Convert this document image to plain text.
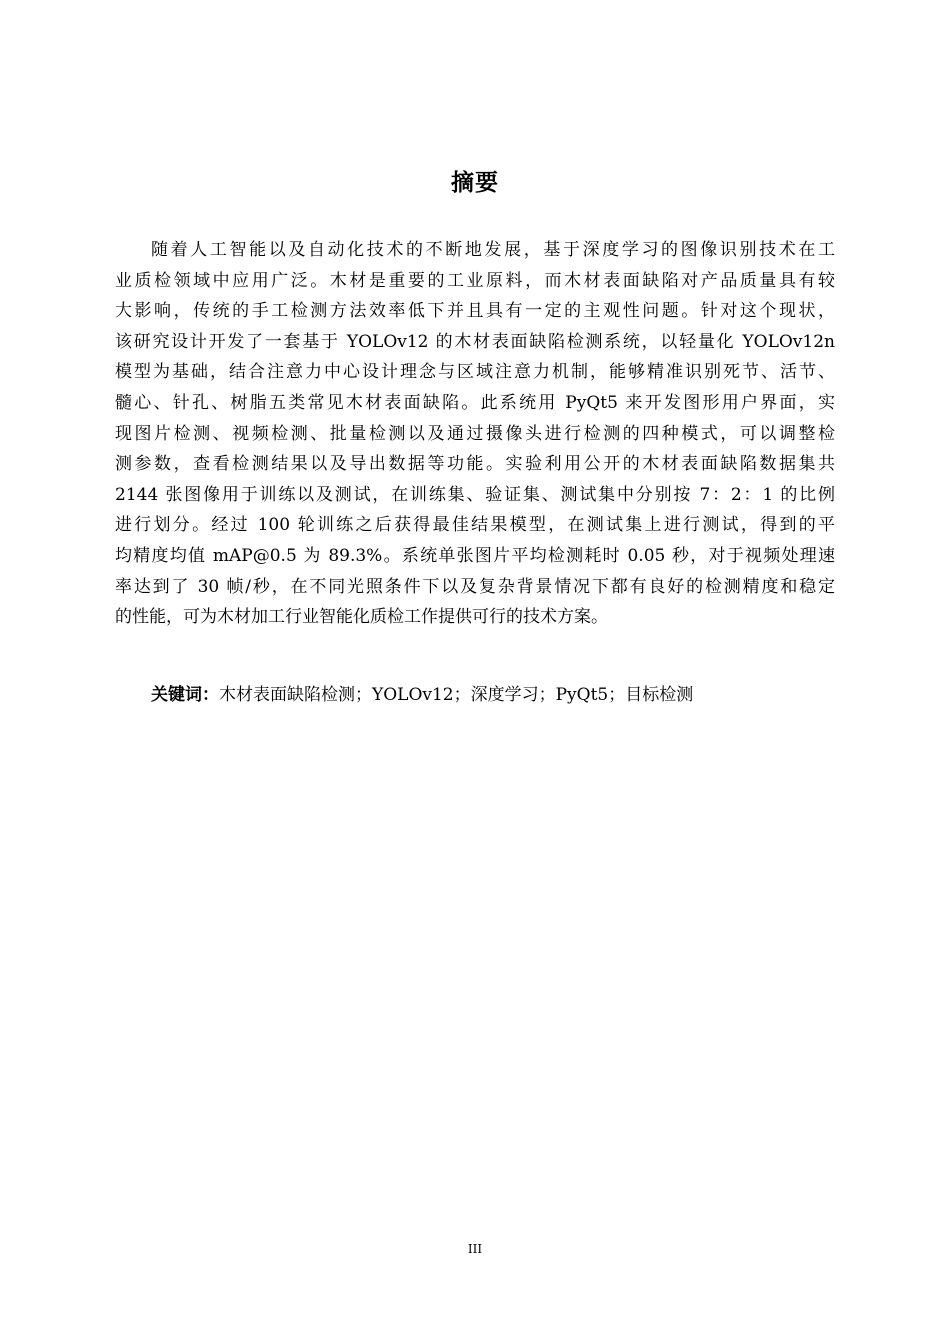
摘要
随着人工智能以及自动化技术的不断地发展，基于深度学习的图像识别技术在工
业质检领域中应用广泛。木材是重要的工业原料，而木材表面缺陷对产品质量具有较
大影响，传统的手工检测方法效率低下并且具有一定的主观性问题。针对这个现状，
该研究设计开发了一套基于 YOLOv12 的木材表面缺陷检测系统，以轻量化 YOLOv12n
模型为基础，结合注意力中心设计理念与区域注意力机制，能够精准识别死节、活节、
髓心、针孔、树脂五类常见木材表面缺陷。此系统用 PyQt5 来开发图形用户界面，实
现图片检测、视频检测、批量检测以及通过摄像头进行检测的四种模式，可以调整检
测参数，查看检测结果以及导出数据等功能。实验利用公开的木材表面缺陷数据集共
2144 张图像用于训练以及测试，在训练集、验证集、测试集中分别按 7：2：1 的比例
进行划分。经过 100 轮训练之后获得最佳结果模型，在测试集上进行测试，得到的平
均精度均值 mAP@0.5 为 89.3%。系统单张图片平均检测耗时 0.05 秒，对于视频处理速
率达到了 30 帧/秒，在不同光照条件下以及复杂背景情况下都有良好的检测精度和稳定
的性能，可为木材加工行业智能化质检工作提供可行的技术方案。
关键词：木材表面缺陷检测；YOLOv12；深度学习；PyQt5；目标检测
III
